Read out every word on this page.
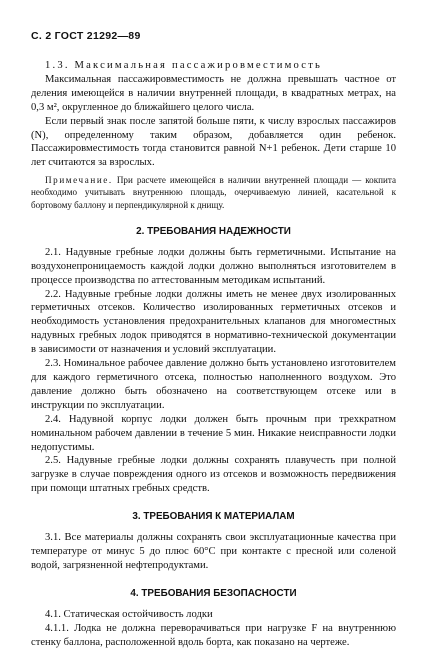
С. 2 ГОСТ 21292—89

1.3. Максимальная пассажировместимость

Максимальная пассажировместимость не должна превышать частное от деления имеющейся в наличии внутренней площади, в квадратных метрах, на 0,3 м², округленное до ближайшего целого числа.

Если первый знак после запятой больше пяти, к числу взрослых пассажиров (N), определенному таким образом, добавляется один ребенок. Пассажировместимость тогда становится равной N+1 ребенок. Дети старше 10 лет считаются за взрослых.

Примечание. При расчете имеющейся в наличии внутренней площади — кокпита необходимо учитывать внутреннюю площадь, очерчиваемую линией, касательной к бортовому баллону и перпендикулярной к днищу.

2. ТРЕБОВАНИЯ НАДЕЖНОСТИ

2.1. Надувные гребные лодки должны быть герметичными. Испытание на воздухонепроницаемость каждой лодки должно выполняться изготовителем в процессе производства по аттестованным методикам испытаний.

2.2. Надувные гребные лодки должны иметь не менее двух изолированных герметичных отсеков. Количество изолированных герметичных отсеков и необходимость установления предохранительных клапанов для многоместных надувных гребных лодок приводятся в нормативно-технической документации в зависимости от назначения и условий эксплуатации.

2.3. Номинальное рабочее давление должно быть установлено изготовителем для каждого герметичного отсека, полностью наполненного воздухом. Это давление должно быть обозначено на соответствующем отсеке или в инструкции по эксплуатации.

2.4. Надувной корпус лодки должен быть прочным при трехкратном номинальном рабочем давлении в течение 5 мин. Никакие неисправности лодки недопустимы.

2.5. Надувные гребные лодки должны сохранять плавучесть при полной загрузке в случае повреждения одного из отсеков и возможность передвижения при помощи штатных гребных средств.

3. ТРЕБОВАНИЯ К МАТЕРИАЛАМ

3.1. Все материалы должны сохранять свои эксплуатационные качества при температуре от минус 5 до плюс 60°С при контакте с пресной или соленой водой, загрязненной нефтепродуктами.

4. ТРЕБОВАНИЯ БЕЗОПАСНОСТИ

4.1. Статическая остойчивость лодки

4.1.1. Лодка не должна переворачиваться при нагрузке F на внутреннюю стенку баллона, расположенной вдоль борта, как показано на чертеже.
